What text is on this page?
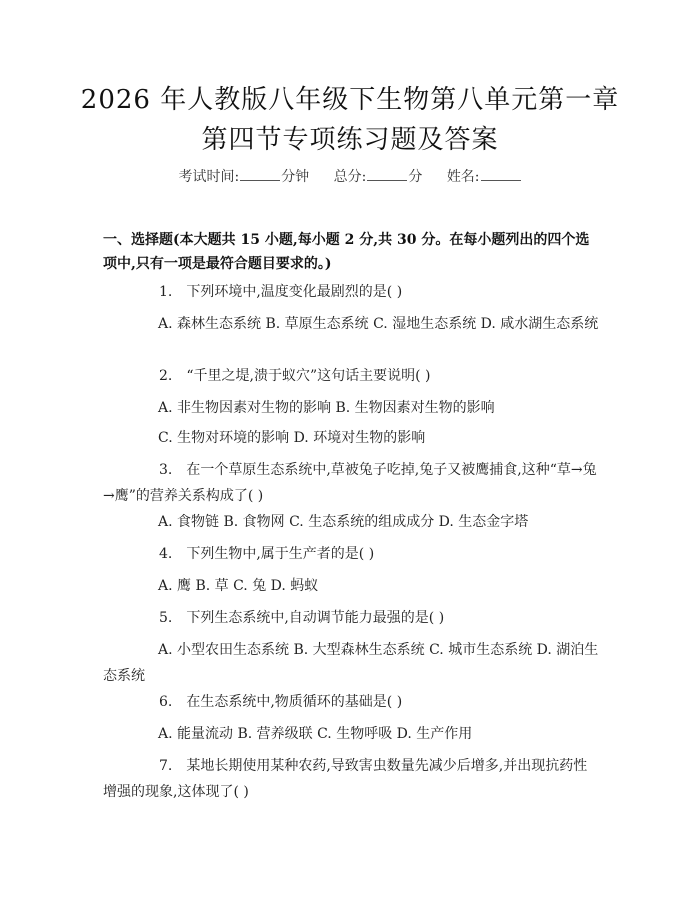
2026 年人教版八年级下生物第八单元第一章
第四节专项练习题及答案
考试时间:	分钟 总分:	分 姓名:
一、选择题(本大题共 15 小题,每小题 2 分,共 30 分。在每小题列出的四个选项中,只有一项是最符合题目要求的。)
1. 下列环境中,温度变化最剧烈的是( )
A. 森林生态系统 B. 草原生态系统 C. 湿地生态系统 D. 咸水湖生态系统
2. “千里之堤,溃于蚁穴”这句话主要说明( )
A. 非生物因素对生物的影响 B. 生物因素对生物的影响
C. 生物对环境的影响 D. 环境对生物的影响
3. 在一个草原生态系统中,草被兔子吃掉,兔子又被鹰捕食,这种“草→兔→鹰”的营养关系构成了( )
A. 食物链 B. 食物网 C. 生态系统的组成成分 D. 生态金字塔
4. 下列生物中,属于生产者的是( )
A. 鹰 B. 草 C. 兔 D. 蚂蚁
5. 下列生态系统中,自动调节能力最强的是( )
A. 小型农田生态系统 B. 大型森林生态系统 C. 城市生态系统 D. 湖泊生态系统
6. 在生态系统中,物质循环的基础是( )
A. 能量流动 B. 营养级联 C. 生物呼吸 D. 生产作用
7. 某地长期使用某种农药,导致害虫数量先减少后增多,并出现抗药性增强的现象,这体现了( )
